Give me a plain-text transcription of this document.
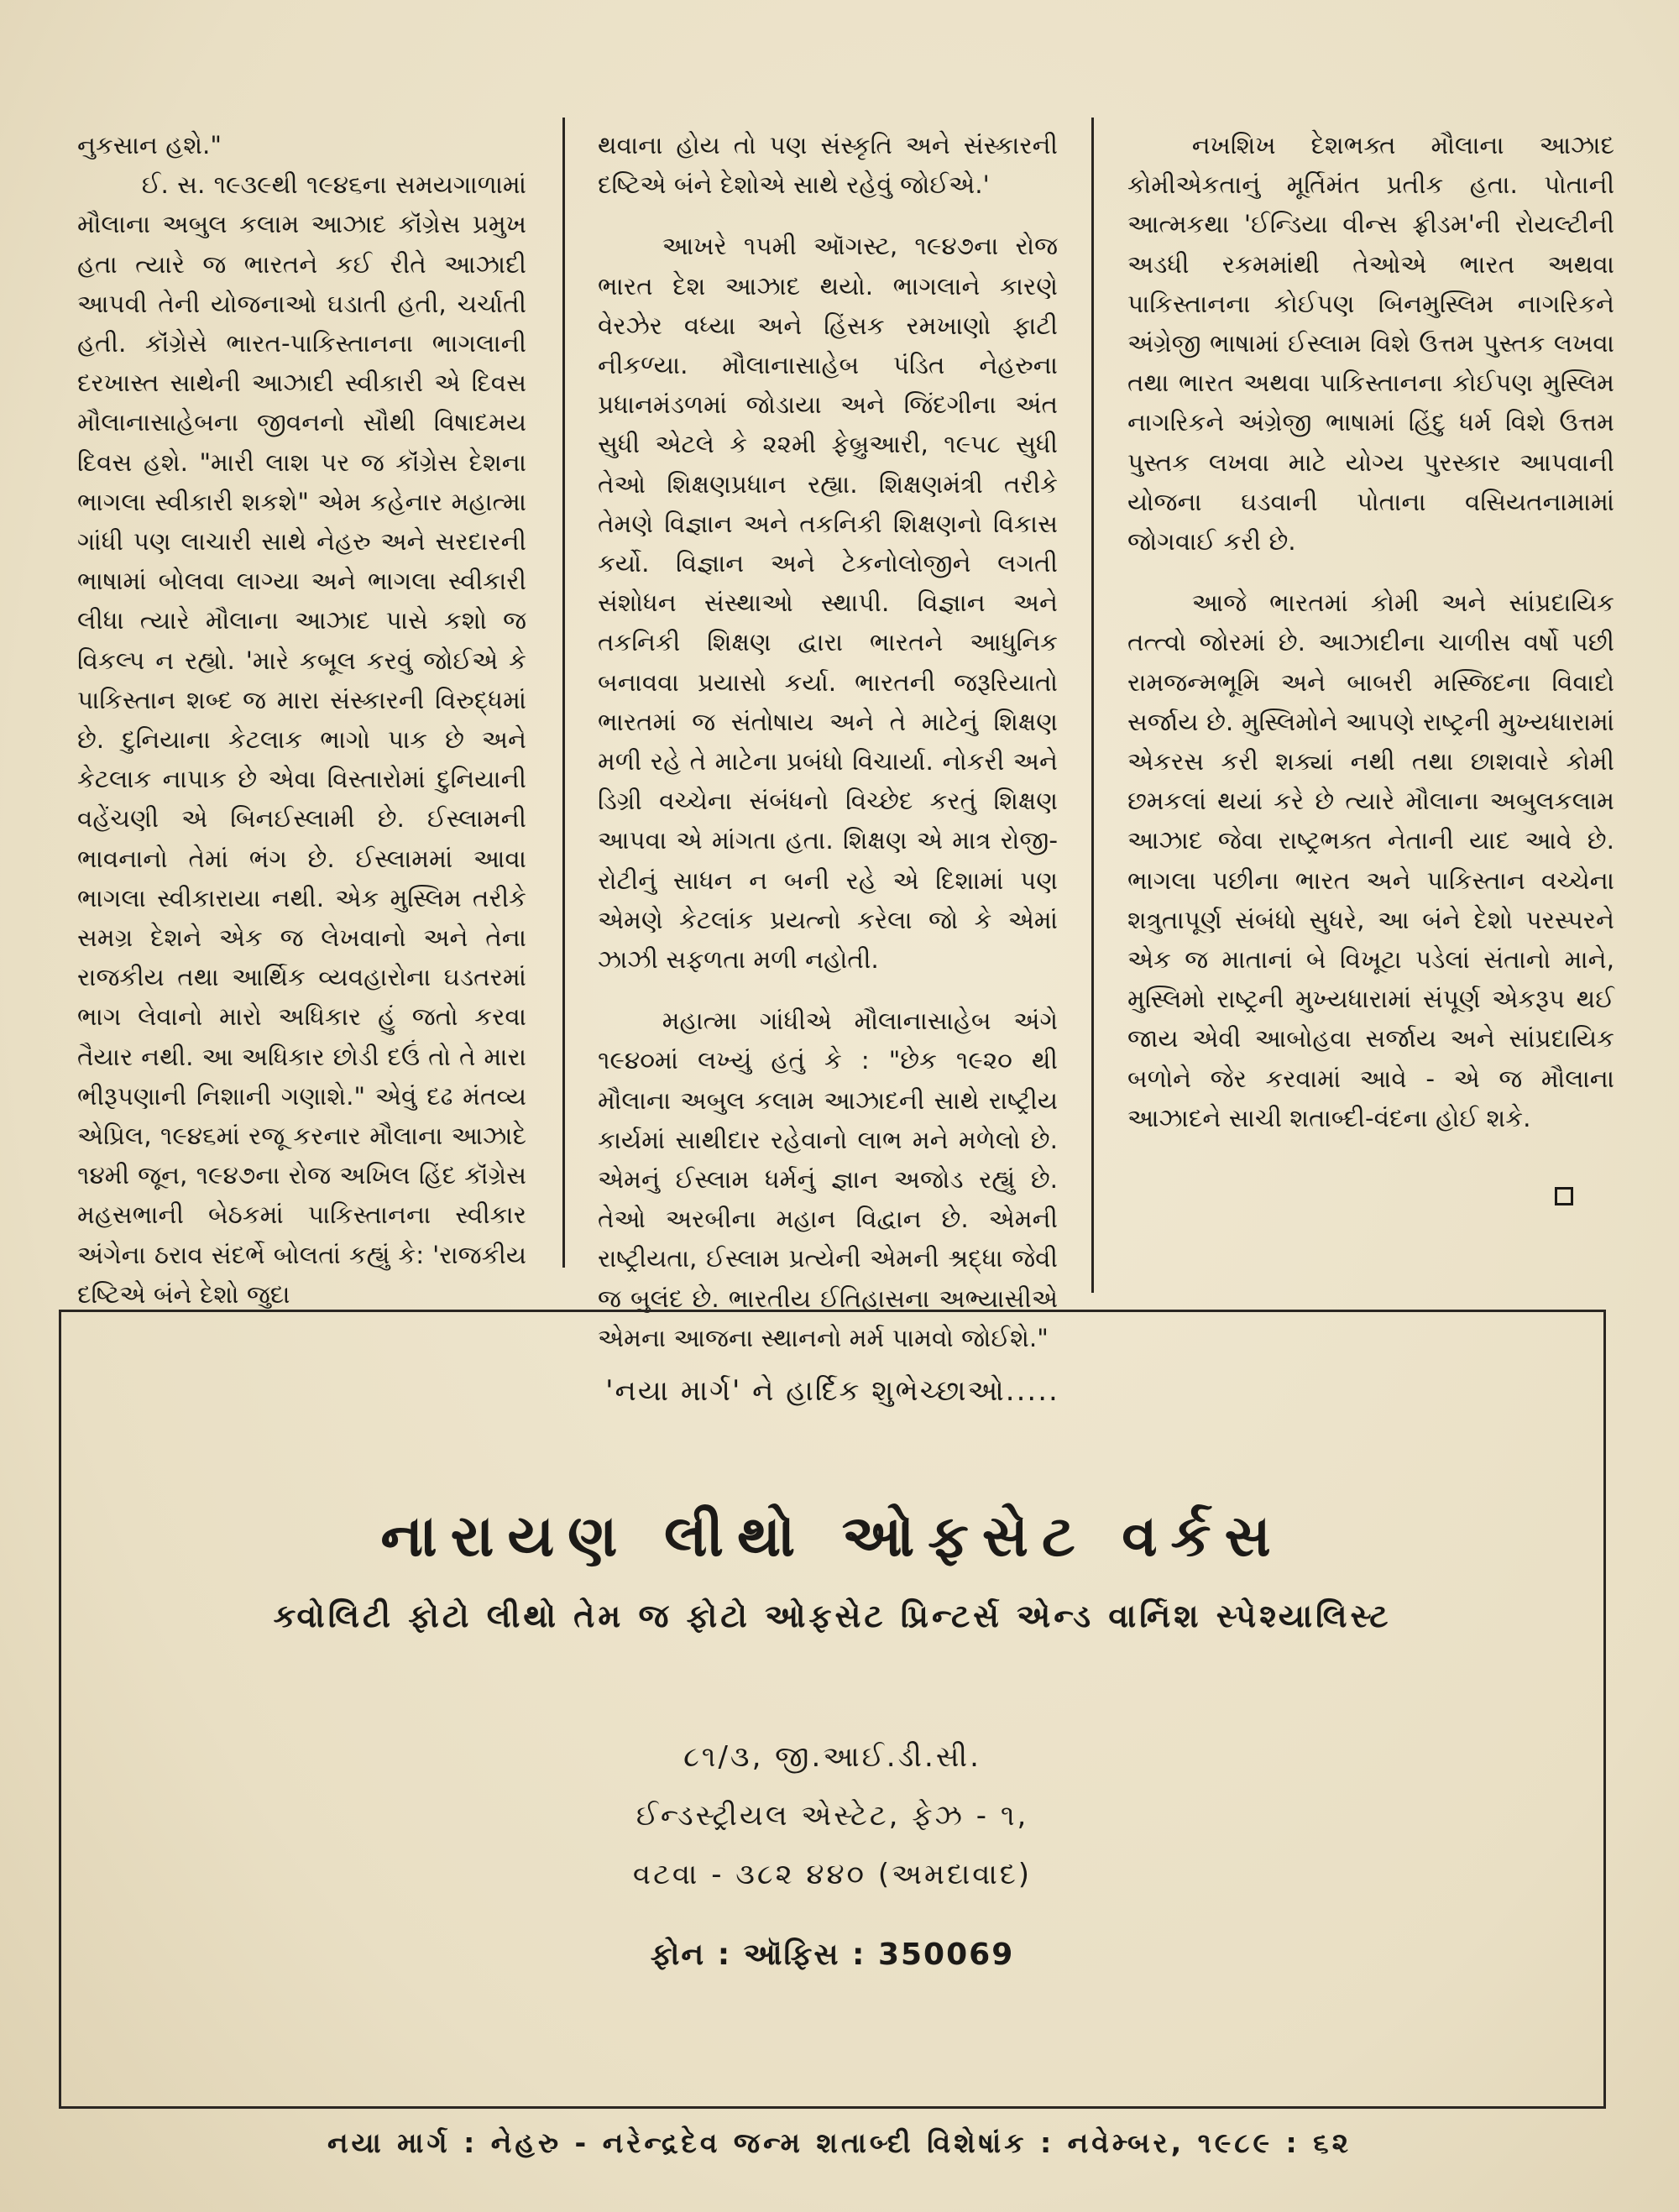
નુકસાન હશે."

ઈ. સ. ૧૯૩૯થી ૧૯૪૬ના સમયગાળામાં મૌલાના અબુલ કલામ આઝાદ કૉંગ્રેસ પ્રમુખ હતા ત્યારે જ ભારતને કઈ રીતે આઝાદી આપવી તેની યોજનાઓ ઘડાતી હતી, ચર્ચાતી હતી. કૉંગ્રેસે ભારત-પાકિસ્તાનના ભાગલાની દરખાસ્ત સાથેની આઝાદી સ્વીકારી એ દિવસ મૌલાનાસાહેબના જીવનનો સૌથી વિષાદમય દિવસ હશે. "મારી લાશ પર જ કૉંગ્રેસ દેશના ભાગલા સ્વીકારી શકશે" એમ કહેનાર મહાત્મા ગાંધી પણ લાચારી સાથે નેહરુ અને સરદારની ભાષામાં બોલવા લાગ્યા અને ભાગલા સ્વીકારી લીધા ત્યારે મૌલાના આઝાદ પાસે કશો જ વિકલ્પ ન રહ્યો. 'મારે કબૂલ કરવું જોઈએ કે પાકિસ્તાન શબ્દ જ મારા સંસ્કારની વિરુદ્ધમાં છે. દુનિયાના કેટલાક ભાગો પાક છે અને કેટલાક નાપાક છે એવા વિસ્તારોમાં દુનિયાની વહેંચણી એ બિનઈસ્લામી છે. ઈસ્લામની ભાવનાનો તેમાં ભંગ છે. ઈસ્લામમાં આવા ભાગલા સ્વીકારાયા નથી. એક મુસ્લિમ તરીકે સમગ્ર દેશને એક જ લેખવાનો અને તેના રાજકીય તથા આર્થિક વ્યવહારોના ઘડતરમાં ભાગ લેવાનો મારો અધિકાર હું જતો કરવા તૈયાર નથી. આ અધિકાર છોડી દઉં તો તે મારા ભીરૂપણાની નિશાની ગણાશે." એવું દઢ મંતવ્ય એપ્રિલ, ૧૯૪૬માં રજૂ કરનાર મૌલાના આઝાદે ૧૪મી જૂન, ૧૯૪૭ના રોજ અખિલ હિંદ કૉંગ્રેસ મહસભાની બેઠકમાં પાકિસ્તાનના સ્વીકાર અંગેના ઠરાવ સંદર્ભે બોલતાં કહ્યું કે: 'રાજકીય દષ્ટિએ બંને દેશો જુદા

થવાના હોય તો પણ સંસ્કૃતિ અને સંસ્કારની દષ્ટિએ બંને દેશોએ સાથે રહેવું જોઈએ.'

આખરે ૧૫મી ઑગસ્ટ, ૧૯૪૭ના રોજ ભારત દેશ આઝાદ થયો. ભાગલાને કારણે વેરઝેર વધ્યા અને હિંસક રમખાણો ફાટી નીકળ્યા. મૌલાનાસાહેબ પંડિત નેહરુના પ્રધાનમંડળમાં જોડાયા અને જિંદગીના અંત સુધી એટલે કે ૨૨મી ફેબ્રુઆરી, ૧૯૫૮ સુધી તેઓ શિક્ષણપ્રધાન રહ્યા. શિક્ષણમંત્રી તરીકે તેમણે વિજ્ઞાન અને તકનિકી શિક્ષણનો વિકાસ કર્યો. વિજ્ઞાન અને ટેકનોલોજીને લગતી સંશોધન સંસ્થાઓ સ્થાપી. વિજ્ઞાન અને તકનિકી શિક્ષણ દ્વારા ભારતને આધુનિક બનાવવા પ્રયાસો કર્યા. ભારતની જરૂરિયાતો ભારતમાં જ સંતોષાય અને તે માટેનું શિક્ષણ મળી રહે તે માટેના પ્રબંધો વિચાર્યા. નોકરી અને ડિગ્રી વચ્ચેના સંબંધનો વિચ્છેદ કરતું શિક્ષણ આપવા એ માંગતા હતા. શિક્ષણ એ માત્ર રોજી-રોટીનું સાધન ન બની રહે એ દિશામાં પણ એમણે કેટલાંક પ્રયત્નો કરેલા જો કે એમાં ઝાઝી સફળતા મળી નહોતી.

મહાત્મા ગાંધીએ મૌલાનાસાહેબ અંગે ૧૯૪૦માં લખ્યું હતું કે : "છેક ૧૯૨૦ થી મૌલાના અબુલ કલામ આઝાદની સાથે રાષ્ટ્રીય કાર્યમાં સાથીદાર રહેવાનો લાભ મને મળેલો છે. એમનું ઈસ્લામ ધર્મનું જ્ઞાન અજોડ રહ્યું છે. તેઓ અરબીના મહાન વિદ્વાન છે. એમની રાષ્ટ્રીયતા, ઈસ્લામ પ્રત્યેની એમની શ્રદ્ધા જેવી જ બુલંદ છે. ભારતીય ઈતિહાસના અભ્યાસીએ એમના આજના સ્થાનનો મર્મ પામવો જોઈશે."

નખશિખ દેશભક્ત મૌલાના આઝાદ કોમીએકતાનું મૂર્તિમંત પ્રતીક હતા. પોતાની આત્મકથા 'ઈન્ડિયા વીન્સ ફ્રીડમ'ની રોયલ્ટીની અડધી રકમમાંથી તેઓએ ભારત અથવા પાકિસ્તાનના કોઈપણ બિનમુસ્લિમ નાગરિકને અંગ્રેજી ભાષામાં ઈસ્લામ વિશે ઉત્તમ પુસ્તક લખવા તથા ભારત અથવા પાકિસ્તાનના કોઈપણ મુસ્લિમ નાગરિકને અંગ્રેજી ભાષામાં હિંદુ ધર્મ વિશે ઉત્તમ પુસ્તક લખવા માટે યોગ્ય પુરસ્કાર આપવાની યોજના ઘડવાની પોતાના વસિયતનામામાં જોગવાઈ કરી છે.

આજે ભારતમાં કોમી અને સાંપ્રદાયિક તત્ત્વો જોરમાં છે. આઝાદીના ચાળીસ વર્ષો પછી રામજન્મભૂમિ અને બાબરી મસ્જિદના વિવાદો સર્જાય છે. મુસ્લિમોને આપણે રાષ્ટ્રની મુખ્યધારામાં એકરસ કરી શક્યાં નથી તથા છાશવારે કોમી છમકલાં થયાં કરે છે ત્યારે મૌલાના અબુલકલામ આઝાદ જેવા રાષ્ટ્રભક્ત નેતાની યાદ આવે છે. ભાગલા પછીના ભારત અને પાકિસ્તાન વચ્ચેના શત્રુતાપૂર્ણ સંબંધો સુધરે, આ બંને દેશો પરસ્પરને એક જ માતાનાં બે વિખૂટા પડેલાં સંતાનો માને, મુસ્લિમો રાષ્ટ્રની મુખ્યધારામાં સંપૂર્ણ એકરૂપ થઈ જાય એવી આબોહવા સર્જાય અને સાંપ્રદાયિક બળોને જેર કરવામાં આવે - એ જ મૌલાના આઝાદને સાચી શતાબ્દી-વંદના હોઈ શકે.

'નયા માર્ગ' ને હાર્દિક શુભેચ્છાઓ.....
નારાયણ લીથો ઓફસેટ વર્કસ
ક્વોલિટી ફોટો લીથો તેમ જ ફોટો ઓફસેટ પ્રિન્ટર્સ એન્ડ વાર્નિશ સ્પેશ્યાલિસ્ટ
૮૧/૩, જી.આઈ.ડી.સી.
ઈન્ડસ્ટ્રીયલ એસ્ટેટ, ફેઝ - ૧,
વટવા - ૩૮૨ ૪૪૦ (અમદાવાદ)
ફોન : ઑફિસ : 350069
નયા માર્ગ : નેહરુ - નરેન્દ્રદેવ જન્મ શતાબ્દી વિશેષાંક : નવેમ્બર, ૧૯૮૯ : ૬૨
